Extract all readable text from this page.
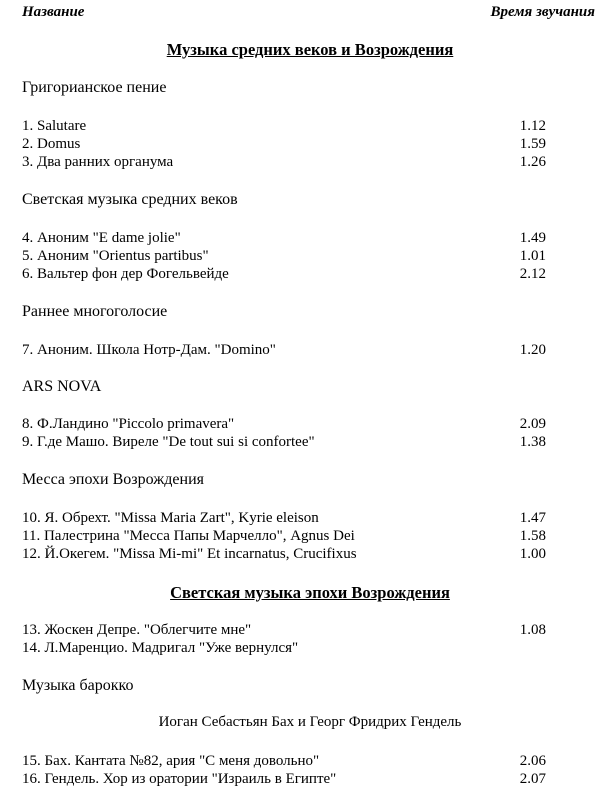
Название	Время звучания
Музыка средних веков и Возрождения
Григорианское пение
1. Salutare	1.12
2. Domus	1.59
3. Два ранних органума	1.26
Светская музыка средних веков
4. Аноним "E dame jolie"	1.49
5. Аноним "Orientus partibus"	1.01
6. Вальтер фон дер Фогельвейде	2.12
Раннее многоголосие
7. Аноним. Школа Нотр-Дам. "Domino"	1.20
ARS NOVA
8. Ф.Ландино "Piccolo primavera"	2.09
9. Г.де Машо. Виреле "De tout sui si confortee"	1.38
Месса эпохи Возрождения
10. Я. Обрехт. "Missa Maria Zart", Kyrie eleison	1.47
11. Палестрина "Месса Папы Марчелло", Agnus Dei	1.58
12. Й.Окегем. "Missa Mi-mi" Et incarnatus, Crucifixus	1.00
Светская музыка эпохи Возрождения
13. Жоскен Депре. "Облегчите мне"	1.08
14. Л.Маренцио. Мадригал "Уже вернулся"
Музыка барокко
Иоган Себастьян Бах и Георг Фридрих Гендель
15. Бах. Кантата №82, ария "С меня довольно"	2.06
16. Гендель. Хор из оратории "Израиль в Египте"	2.07
